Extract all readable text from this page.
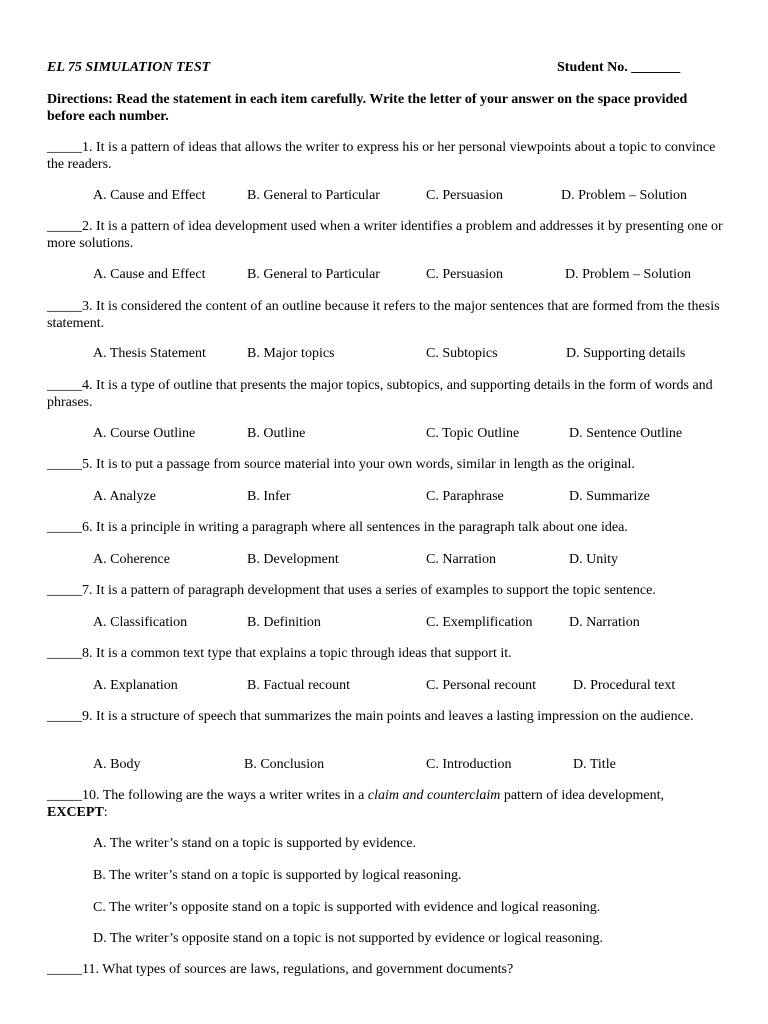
EL 75 SIMULATION TEST	Student No. _______
Directions: Read the statement in each item carefully. Write the letter of your answer on the space provided before each number.
_____1. It is a pattern of ideas that allows the writer to express his or her personal viewpoints about a topic to convince the readers.
A. Cause and Effect	B. General to Particular	C. Persuasion	D. Problem – Solution
_____2. It is a pattern of idea development used when a writer identifies a problem and addresses it by presenting one or more solutions.
A. Cause and Effect	B. General to Particular	C. Persuasion	D. Problem – Solution
_____3. It is considered the content of an outline because it refers to the major sentences that are formed from the thesis statement.
A. Thesis Statement	B. Major topics	C. Subtopics	D. Supporting details
_____4. It is a type of outline that presents the major topics, subtopics, and supporting details in the form of words and phrases.
A. Course Outline	B. Outline	C. Topic Outline	D. Sentence Outline
_____5. It is to put a passage from source material into your own words, similar in length as the original.
A. Analyze	B. Infer	C. Paraphrase	D. Summarize
_____6. It is a principle in writing a paragraph where all sentences in the paragraph talk about one idea.
A. Coherence	B. Development	C. Narration	D. Unity
_____7. It is a pattern of paragraph development that uses a series of examples to support the topic sentence.
A. Classification	B. Definition	C. Exemplification	D. Narration
_____8. It is a common text type that explains a topic through ideas that support it.
A. Explanation	B. Factual recount	C. Personal recount	D. Procedural text
_____9. It is a structure of speech that summarizes the main points and leaves a lasting impression on the audience.
A. Body	B. Conclusion	C. Introduction	D. Title
_____10. The following are the ways a writer writes in a claim and counterclaim pattern of idea development, EXCEPT:
A. The writer’s stand on a topic is supported by evidence.
B. The writer’s stand on a topic is supported by logical reasoning.
C. The writer’s opposite stand on a topic is supported with evidence and logical reasoning.
D. The writer’s opposite stand on a topic is not supported by evidence or logical reasoning.
_____11. What types of sources are laws, regulations, and government documents?
